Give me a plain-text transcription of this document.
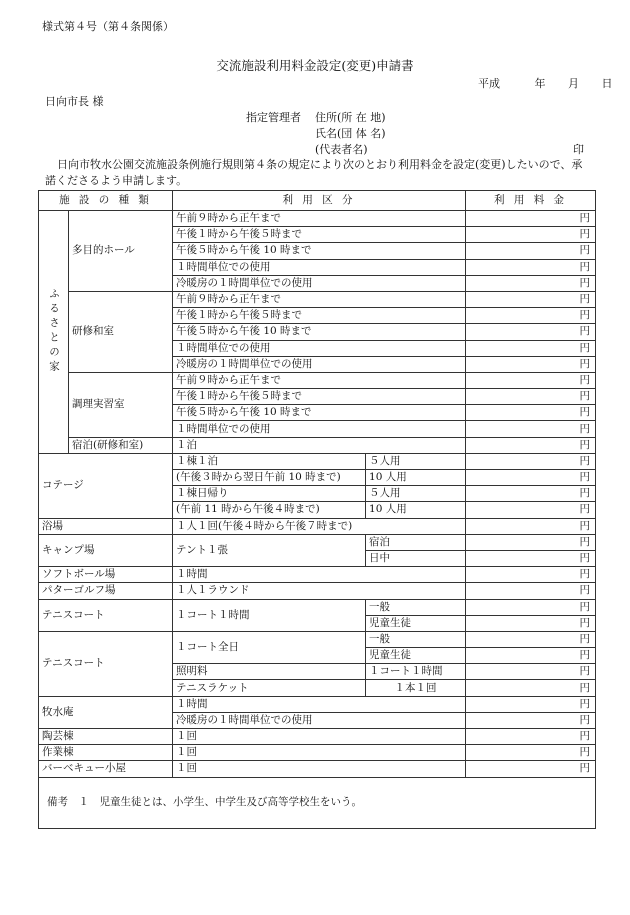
様式第４号（第４条関係）
交流施設利用料金設定(変更)申請書
平成	年 月 日
日向市長 様
指定管理者 住所(所 在 地)
氏名(団 体 名)
(代表者名)	印
日向市牧水公園交流施設条例施行規則第４条の規定により次のとおり利用料金を設定(変更)したいので、承諾くださるよう申請します。
施 設 の 種 類		利 用 区 分		利 用 料 金
ふるさとの家	多目的ホール	午前９時から正午まで		円
		午後１時から午後５時まで		円
		午後５時から午後 10 時まで		円
		１時間単位での使用		円
		冷暖房の１時間単位での使用		円
	研修和室	午前９時から正午まで		円
		午後１時から午後５時まで		円
		午後５時から午後 10 時まで		円
		１時間単位での使用		円
		冷暖房の１時間単位での使用		円
	調理実習室	午前９時から正午まで		円
		午後１時から午後５時まで		円
		午後５時から午後 10 時まで		円
		１時間単位での使用		円
	宿泊(研修和室)	１泊		円
コテージ		１棟１泊	５人用	円
		(午後３時から翌日午前 10 時まで)	10 人用	円
		１棟日帰り	５人用	円
		(午前 11 時から午後４時まで)	10 人用	円
浴場		１人１回(午後４時から午後７時まで)		円
キャンプ場		テント１張	宿泊	円
			日中	円
ソフトボール場		１時間		円
パターゴルフ場		１人１ラウンド		円
テニスコート		１コート１時間	一般	円
			児童生徒	円
テニスコート		１コート全日	一般	円
			児童生徒	円
		照明料	１コート１時間	円
		テニスラケット	１本１回	円
牧水庵		１時間		円
		冷暖房の１時間単位での使用		円
陶芸棟		１回		円
作業棟		１回		円
バーベキュー小屋		１回		円
備考　１　児童生徒とは、小学生、中学生及び高等学校生をいう。				
